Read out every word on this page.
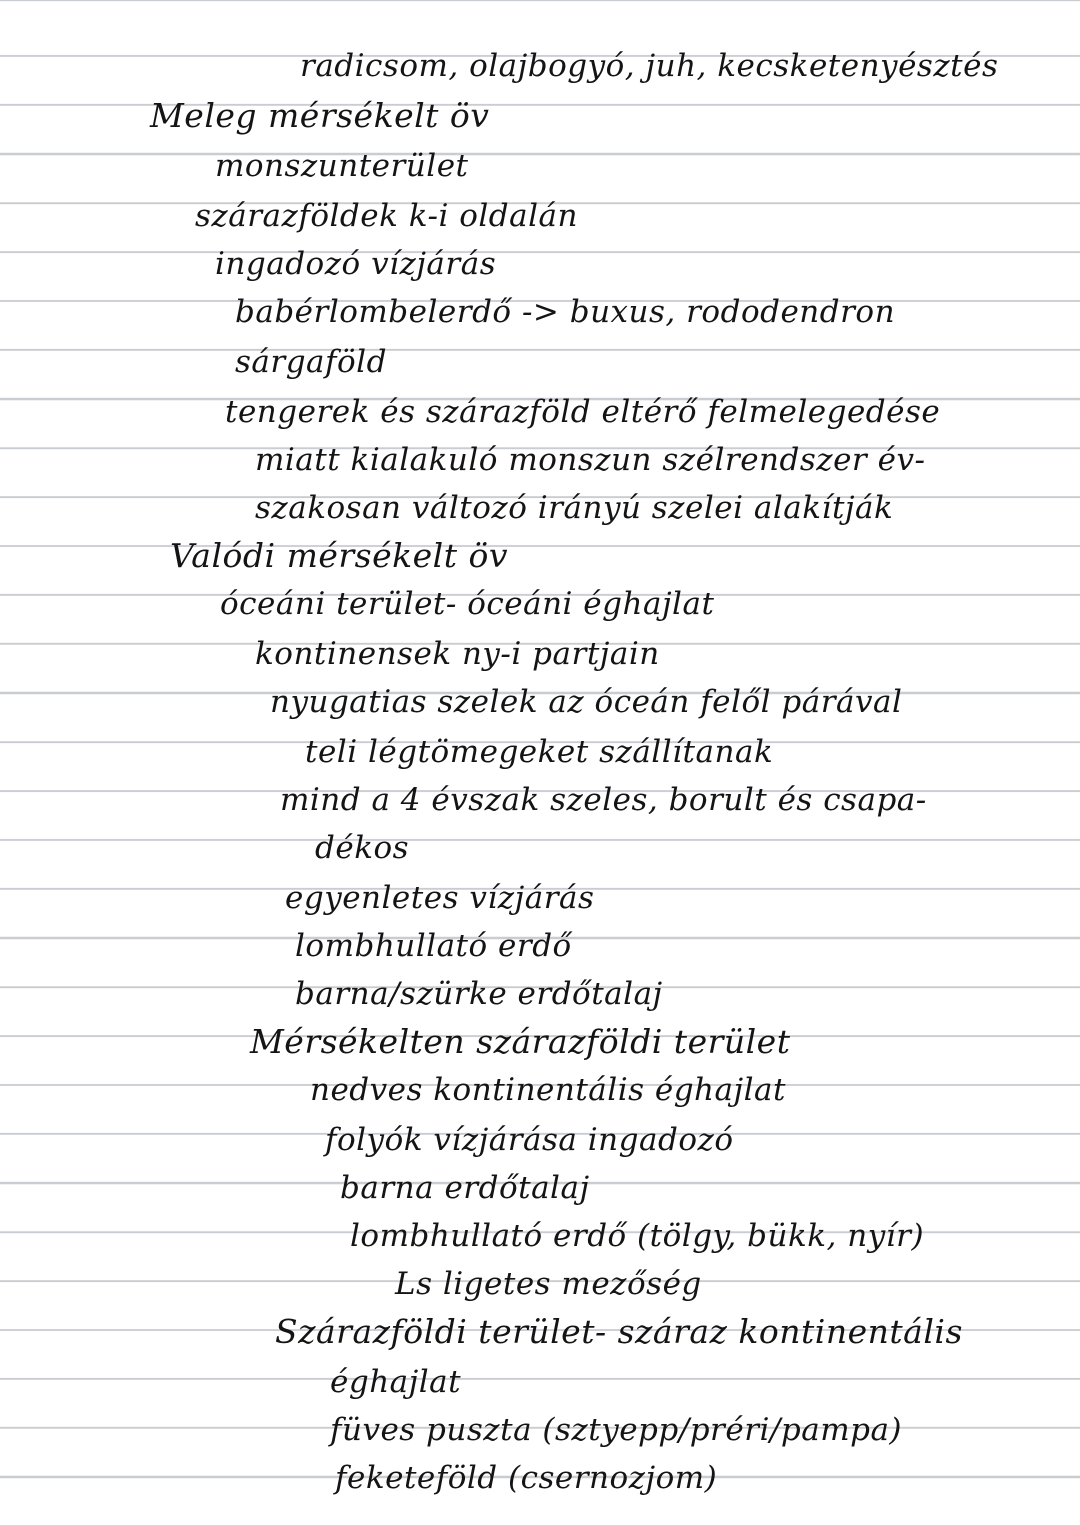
radicsom, olajbogyó, juh, kecsketenyésztés
Meleg mérsékelt öv
monszunterület
szárazföldek k-i oldalán
ingadozó vízjárás
babérlombelerdő -> buxus, rododendron
sárgaföld
tengerek és szárazföld eltérő felmelegedése
miatt kialakuló monszun szélrendszer év-
szakosan változó irányú szelei alakítják
Valódi mérsékelt öv
óceáni terület- óceáni éghajlat
kontinensek ny-i partjain
nyugatias szelek az óceán felől párával
teli légtömegeket szállítanak
mind a 4 évszak szeles, borult és csapa-
dékos
egyenletes vízjárás
lombhullató erdő
barna/szürke erdőtalaj
Mérsékelten szárazföldi terület
nedves kontinentális éghajlat
folyók vízjárása ingadozó
barna erdőtalaj
lombhullató erdő (tölgy, bükk, nyír)
Ls ligetes mezőség
Szárazföldi terület- száraz kontinentális
éghajlat
füves puszta (sztyepp/préri/pampa)
feketeföld (csernozjom)
